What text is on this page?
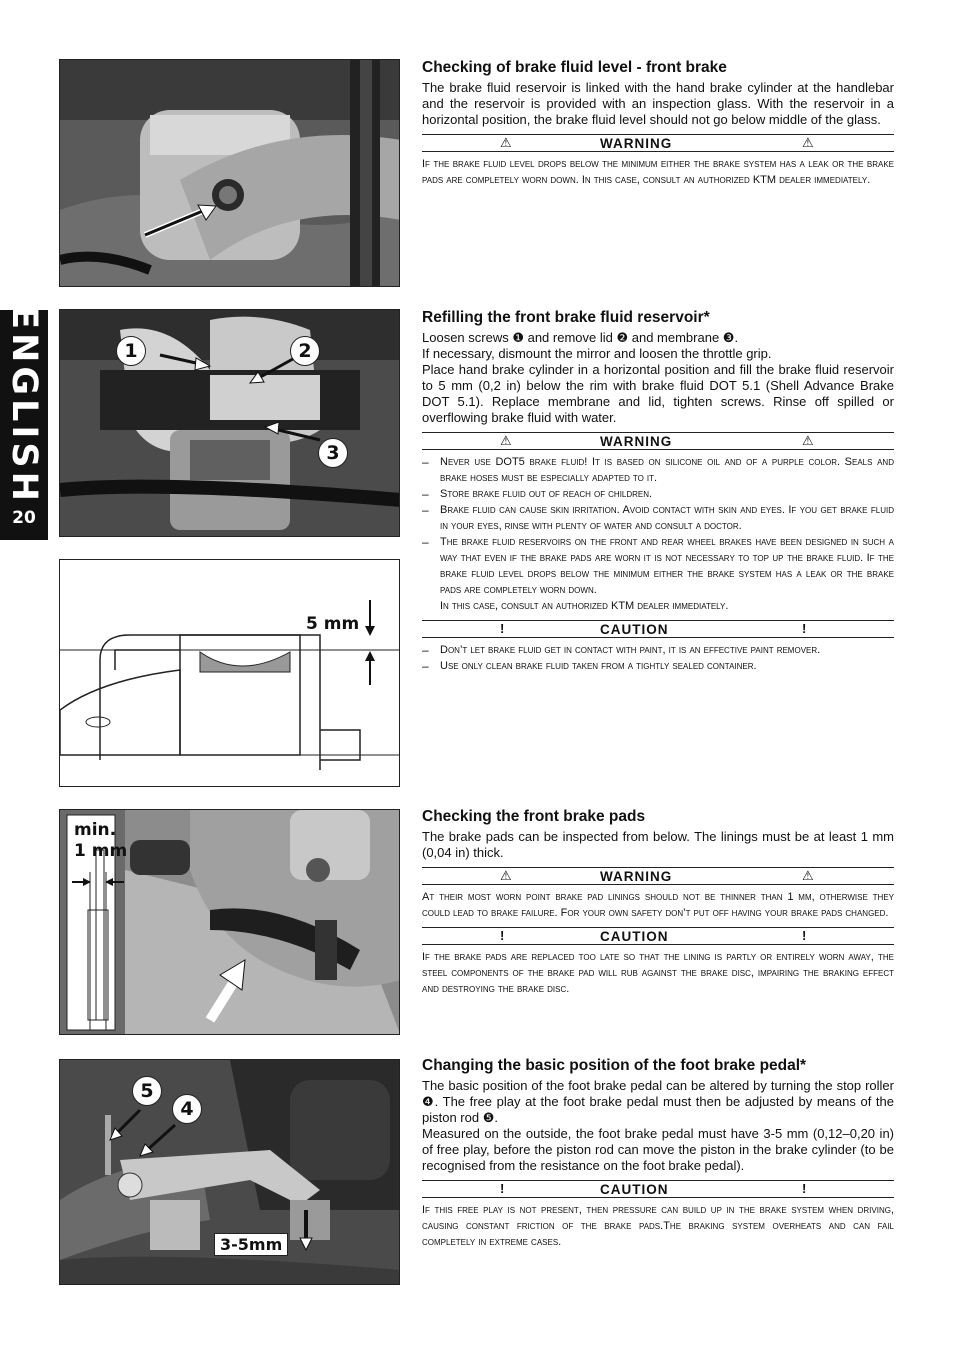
ENGLISH
20
1	2
3
5 mm
min.
1 mm
5
4
3-5mm
Checking of brake fluid level - front brake

The brake fluid reservoir is linked with the hand brake cylinder at the handlebar and the reservoir is provided with an inspection glass. With the reservoir in a horizontal position, the brake fluid level should not go below middle of the glass.

⚠	WARNING	⚠

If the brake fluid level drops below the minimum either the brake system has a leak or the brake pads are completely worn down. In this case, consult an authorized KTM dealer immediately.

Refilling the front brake fluid reservoir*

Loosen screws ❶ and remove lid ❷ and membrane ❸.

If necessary, dismount the mirror and loosen the throttle grip.

Place hand brake cylinder in a horizontal position and fill the brake fluid reservoir to 5 mm (0,2 in) below the rim with brake fluid DOT 5.1 (Shell Advance Brake DOT 5.1). Replace membrane and lid, tighten screws. Rinse off spilled or overflowing brake fluid with water.

⚠	WARNING	⚠
– Never use DOT5 brake fluid! It is based on silicone oil and of a purple color. Seals and brake hoses must be especially adapted to it.
– Store brake fluid out of reach of children.
– Brake fluid can cause skin irritation. Avoid contact with skin and eyes. If you get brake fluid in your eyes, rinse with plenty of water and consult a doctor.
– The brake fluid reservoirs on the front and rear wheel brakes have been designed in such a way that even if the brake pads are worn it is not necessary to top up the brake fluid. If the brake fluid level drops below the minimum either the brake system has a leak or the brake pads are completely worn down.

In this case, consult an authorized KTM dealer immediately.

!	CAUTION	!
– Don’t let brake fluid get in contact with paint, it is an effective paint remover.
– Use only clean brake fluid taken from a tightly sealed container.
Checking the front brake pads

The brake pads can be inspected from below. The linings must be at least 1 mm (0,04 in) thick.

⚠	WARNING	⚠

At their most worn point brake pad linings should not be thinner than 1 mm, otherwise they could lead to brake failure. For your own safety don’t put off having your brake pads changed.

!	CAUTION	!

If the brake pads are replaced too late so that the lining is partly or entirely worn away, the steel components of the brake pad will rub against the brake disc, impairing the braking effect and destroying the brake disc.

Changing the basic position of the foot brake pedal*

The basic position of the foot brake pedal can be altered by turning the stop roller ❹. The free play at the foot brake pedal must then be adjusted by means of the piston rod ❺.

Measured on the outside, the foot brake pedal must have 3-5 mm (0,12–0,20 in) of free play, before the piston rod can move the piston in the brake cylinder (to be recognised from the resistance on the foot brake pedal).

!	CAUTION	!

If this free play is not present, then pressure can build up in the brake system when driving, causing constant friction of the brake pads.The braking system overheats and can fail completely in extreme cases.
